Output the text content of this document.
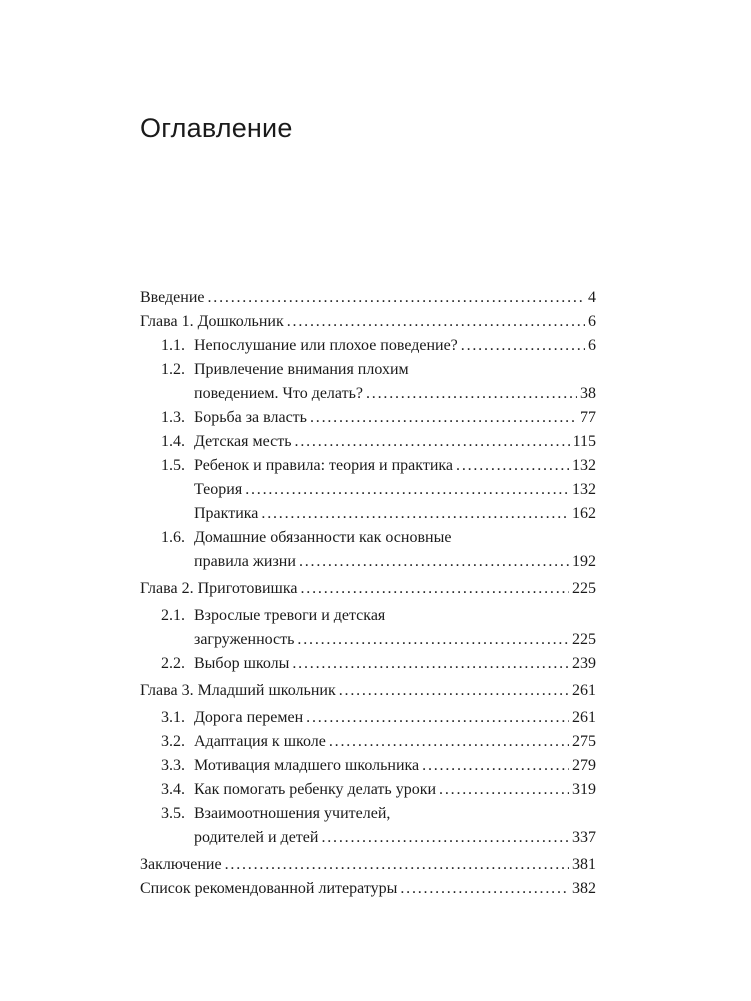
Оглавление
Введение .....	4
Глава 1. Дошкольник .....	6
1.1. Непослушание или плохое поведение? .....	6
1.2. Привлечение внимания плохим
поведением. Что делать? .....	38
1.3. Борьба за власть .....	77
1.4. Детская месть .....	115
1.5. Ребенок и правила: теория и практика .....	132
Теория .....	132
Практика .....	162
1.6. Домашние обязанности как основные
правила жизни .....	192
Глава 2. Приготовишка .....	225
2.1. Взрослые тревоги и детская
загруженность .....	225
2.2. Выбор школы .....	239
Глава 3. Младший школьник .....	261
3.1. Дорога перемен .....	261
3.2. Адаптация к школе .....	275
3.3. Мотивация младшего школьника .....	279
3.4. Как помогать ребенку делать уроки .....	319
3.5. Взаимоотношения учителей,
родителей и детей .....	337
Заключение .....	381
Список рекомендованной литературы .....	382
